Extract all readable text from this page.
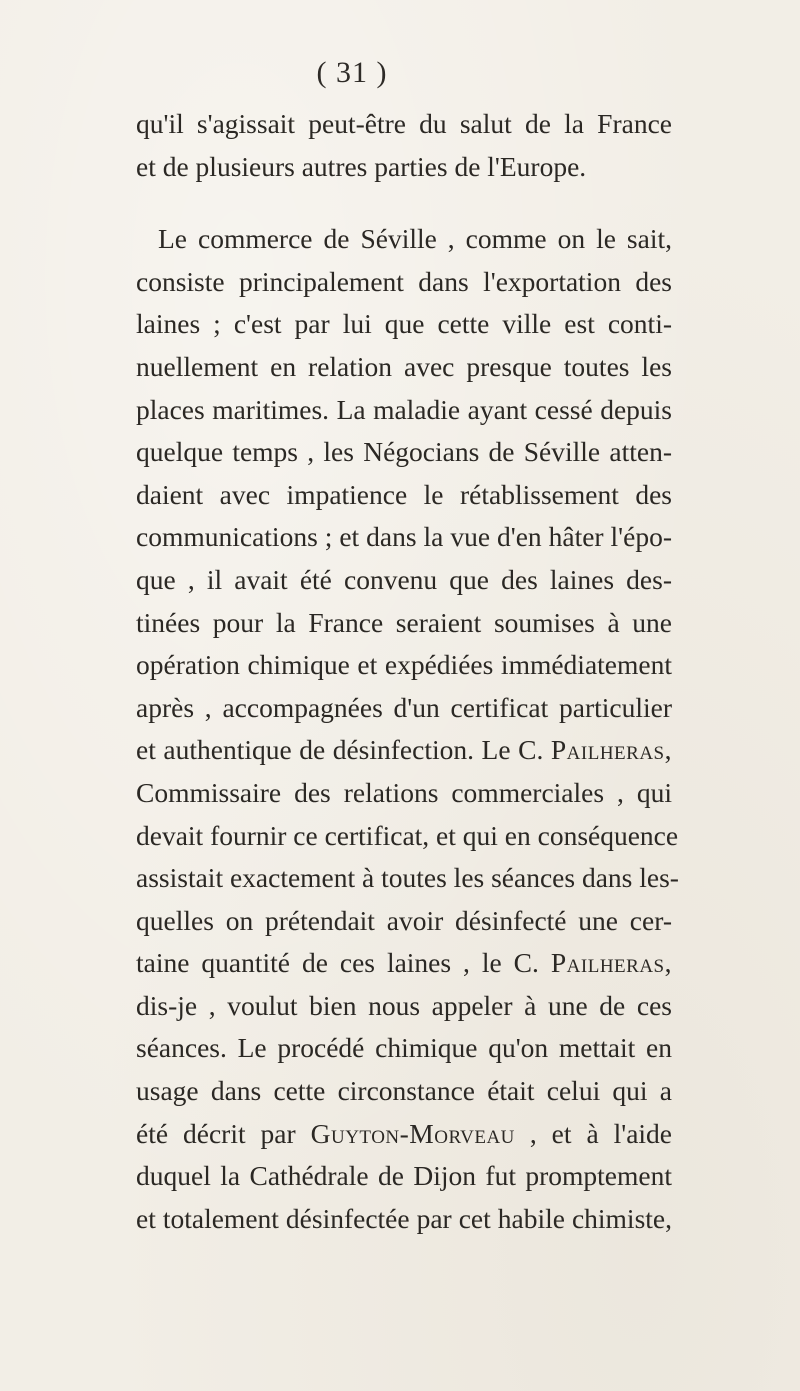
( 31 )
qu'il s'agissait peut-être du salut de la France
et de plusieurs autres parties de l'Europe.
Le commerce de Séville , comme on le sait,
consiste principalement dans l'exportation des
laines ; c'est par lui que cette ville est conti-
nuellement en relation avec presque toutes les
places maritimes. La maladie ayant cessé depuis
quelque temps , les Négocians de Séville atten-
daient avec impatience le rétablissement des
communications ; et dans la vue d'en hâter l'épo-
que , il avait été convenu que des laines des-
tinées pour la France seraient soumises à une
opération chimique et expédiées immédiatement
après , accompagnées d'un certificat particulier
et authentique de désinfection. Le C. Pailheras,
Commissaire des relations commerciales , qui
devait fournir ce certificat, et qui en conséquence
assistait exactement à toutes les séances dans les-
quelles on prétendait avoir désinfecté une cer-
taine quantité de ces laines , le C. Pailheras,
dis-je , voulut bien nous appeler à une de ces
séances. Le procédé chimique qu'on mettait en
usage dans cette circonstance était celui qui a
été décrit par Guyton-Morveau , et à l'aide
duquel la Cathédrale de Dijon fut promptement
et totalement désinfectée par cet habile chimiste,
